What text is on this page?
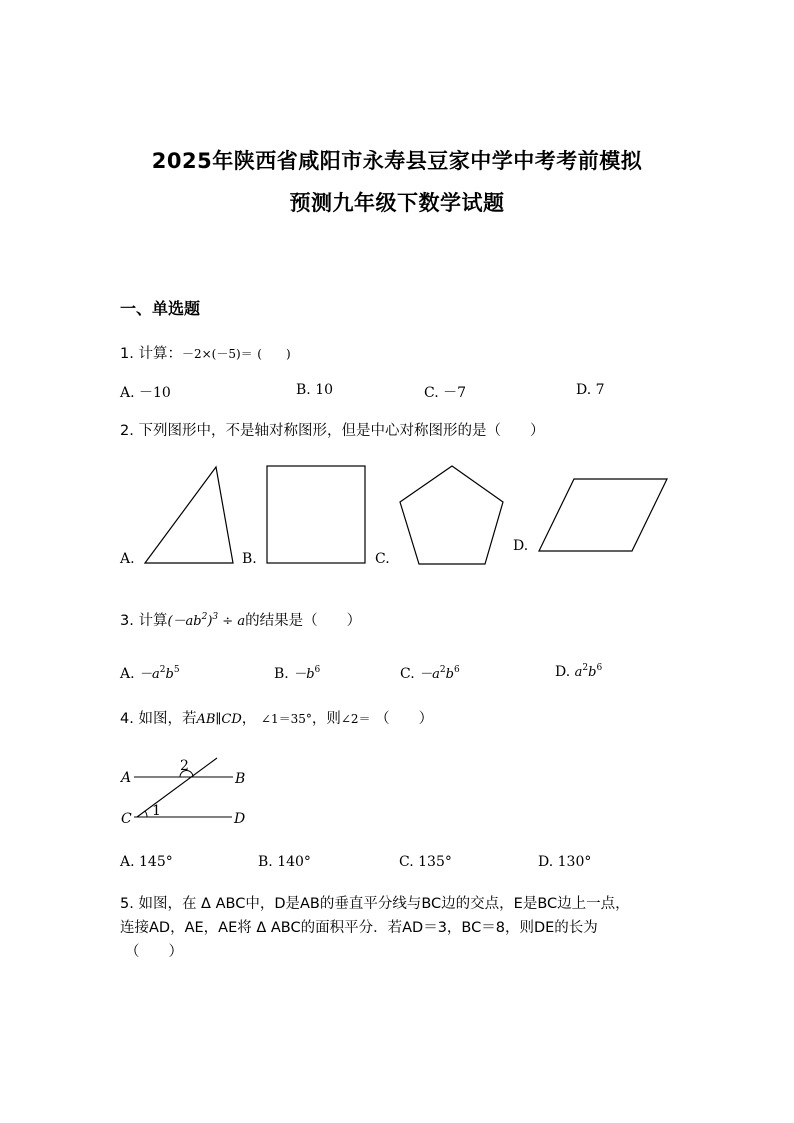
2025年陕西省咸阳市永寿县豆家中学中考考前模拟
预测九年级下数学试题
一、单选题
1. 计算：－2×(－5)＝ (　　)
A. －10	B. 10	C. －7	D. 7
2. 下列图形中，不是轴对称图形，但是中心对称图形的是（　　）
A.	B.	C.
D.
3. 计算$(-ab^2)^3 \div a$的结果是（　　）
A. $-a^2b^5$	B. $-b^6$	C. $-a^2b^6$	D. $a^2b^6$
4. 如图，若AB∥CD， ∠1＝35°，则∠2＝ （　　）
A	B
C	D
1
2
A. 145°	B. 140°	C. 135°	D. 130°
5. 如图，在 Δ ABC中，D是AB的垂直平分线与BC边的交点，E是BC边上一点，
连接AD，AE，AE将 Δ ABC的面积平分．若AD＝3，BC＝8，则DE的长为
（　　）
